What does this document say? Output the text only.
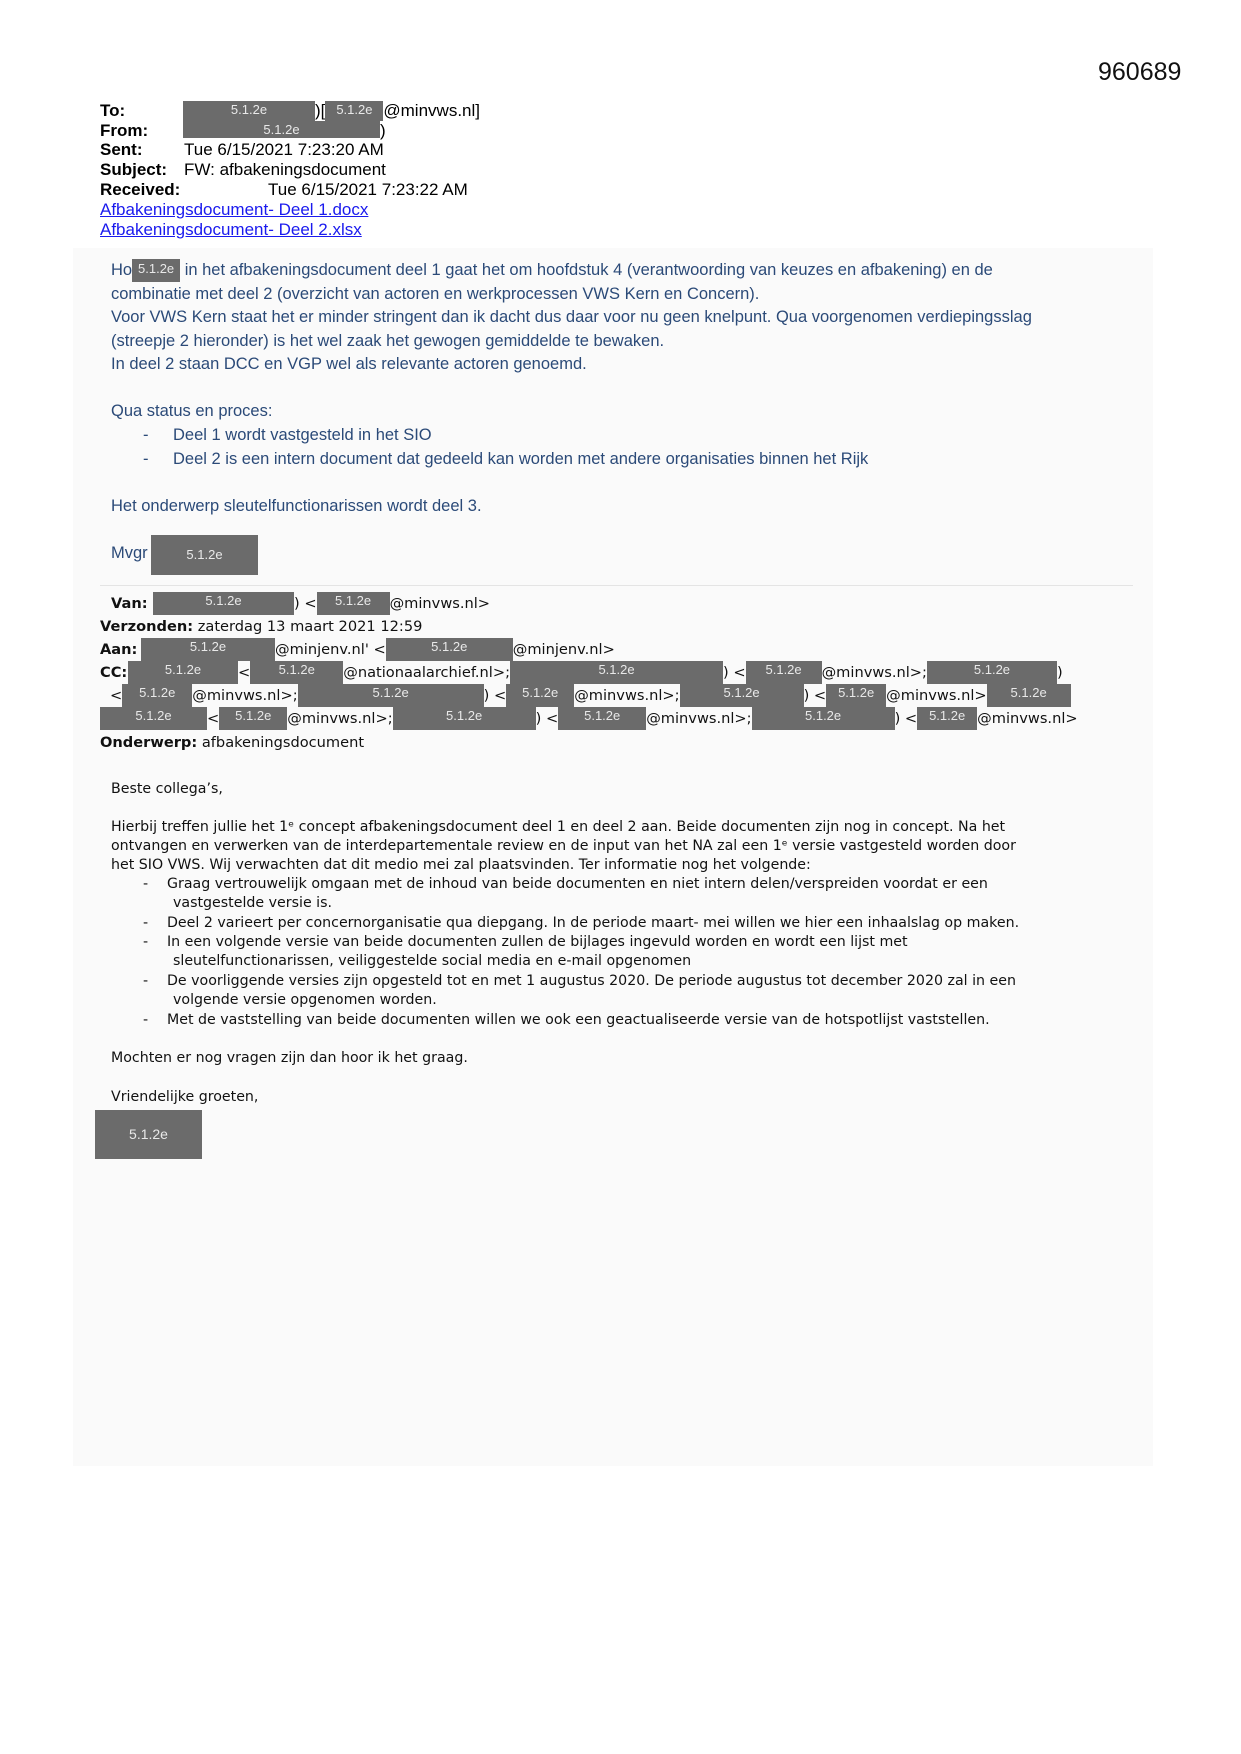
960689
To:	5.1.2e	)[ 5.1.2e @minvws.nl]
From:	5.1.2e	)
Sent: Tue 6/15/2021 7:23:20 AM
Subject: FW: afbakeningsdocument
Received:	Tue 6/15/2021 7:23:22 AM
Afbakeningsdocument- Deel 1.docx
Afbakeningsdocument- Deel 2.xlsx
Ho 5.1.2e in het afbakeningsdocument deel 1 gaat het om hoofdstuk 4 (verantwoording van keuzes en afbakening) en de
combinatie met deel 2 (overzicht van actoren en werkprocessen VWS Kern en Concern).
Voor VWS Kern staat het er minder stringent dan ik dacht dus daar voor nu geen knelpunt. Qua voorgenomen verdiepingsslag
(streepje 2 hieronder) is het wel zaak het gewogen gemiddelde te bewaken.
In deel 2 staan DCC en VGP wel als relevante actoren genoemd.
Qua status en proces:
- Deel 1 wordt vastgesteld in het SIO
- Deel 2 is een intern document dat gedeeld kan worden met andere organisaties binnen het Rijk
Het onderwerp sleutelfunctionarissen wordt deel 3.
Mvgr	5.1.2e
Van:	5.1.2e	) < 5.1.2e @minvws.nl>
Verzonden: zaterdag 13 maart 2021 12:59
Aan:	5.1.2e	@minjenv.nl' <	5.1.2e	@minjenv.nl>
CC:	5.1.2e	< 5.1.2e @nationaalarchief.nl>;	5.1.2e	) < 5.1.2e @minvws.nl>;	5.1.2e	)
< 5.1.2e @minvws.nl>;	5.1.2e	) < 5.1.2e @minvws.nl>;	5.1.2e	) < 5.1.2e @minvws.nl> 5.1.2e
5.1.2e < 5.1.2e @minvws.nl>;	5.1.2e	) < 5.1.2e @minvws.nl>;	5.1.2e	) < 5.1.2e @minvws.nl>
Onderwerp: afbakeningsdocument
Beste collega’s,
Hierbij treffen jullie het 1ᵉ concept afbakeningsdocument deel 1 en deel 2 aan. Beide documenten zijn nog in concept. Na het
ontvangen en verwerken van de interdepartementale review en de input van het NA zal een 1ᵉ versie vastgesteld worden door
het SIO VWS. Wij verwachten dat dit medio mei zal plaatsvinden. Ter informatie nog het volgende:
- Graag vertrouwelijk omgaan met de inhoud van beide documenten en niet intern delen/verspreiden voordat er een
vastgestelde versie is.
- Deel 2 varieert per concernorganisatie qua diepgang. In de periode maart- mei willen we hier een inhaalslag op maken.
- In een volgende versie van beide documenten zullen de bijlages ingevuld worden en wordt een lijst met
sleutelfunctionarissen, veiliggestelde social media en e-mail opgenomen
- De voorliggende versies zijn opgesteld tot en met 1 augustus 2020. De periode augustus tot december 2020 zal in een
volgende versie opgenomen worden.
- Met de vaststelling van beide documenten willen we ook een geactualiseerde versie van de hotspotlijst vaststellen.
Mochten er nog vragen zijn dan hoor ik het graag.
Vriendelijke groeten,
5.1.2e
